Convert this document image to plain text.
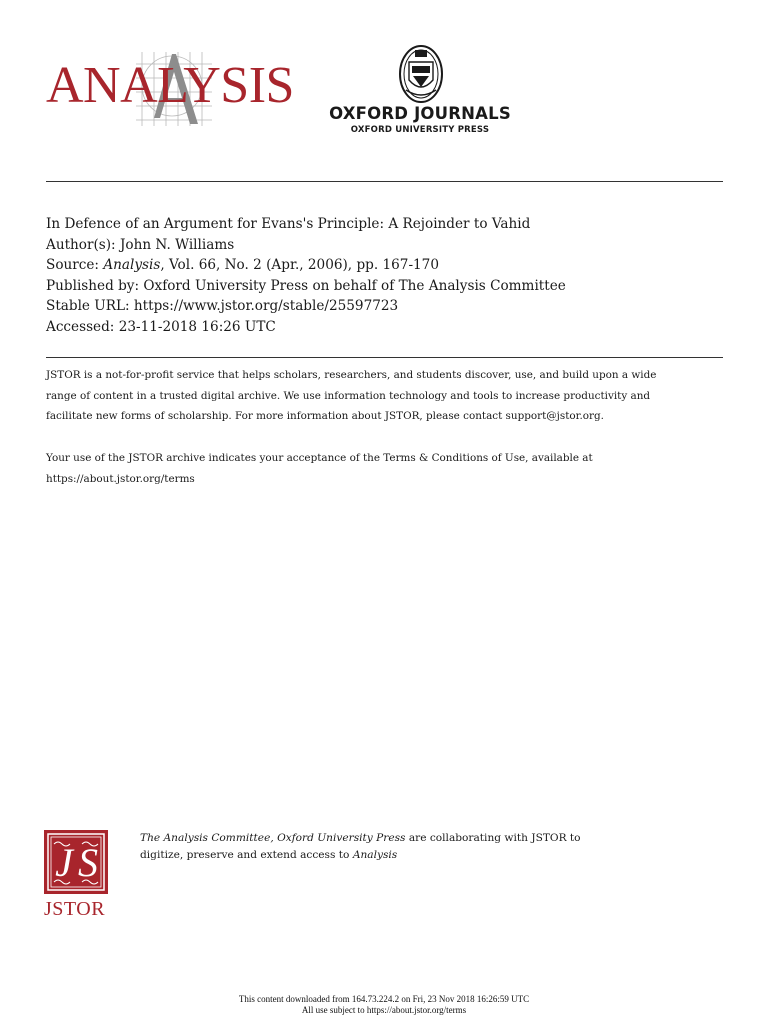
ANALYSIS	OXFORD JOURNALS
OXFORD UNIVERSITY PRESS
In Defence of an Argument for Evans's Principle: A Rejoinder to Vahid
Author(s): John N. Williams
Source: Analysis, Vol. 66, No. 2 (Apr., 2006), pp. 167-170
Published by: Oxford University Press on behalf of The Analysis Committee
Stable URL: https://www.jstor.org/stable/25597723
Accessed: 23-11-2018 16:26 UTC

JSTOR is a not-for-profit service that helps scholars, researchers, and students discover, use, and build upon a wide

range of content in a trusted digital archive. We use information technology and tools to increase productivity and

facilitate new forms of scholarship. For more information about JSTOR, please contact support@jstor.org.

Your use of the JSTOR archive indicates your acceptance of the Terms & Conditions of Use, available at

https://about.jstor.org/terms

J S
JSTOR
The Analysis Committee, Oxford University Press are collaborating with JSTOR to
digitize, preserve and extend access to Analysis
This content downloaded from 164.73.224.2 on Fri, 23 Nov 2018 16:26:59 UTC
All use subject to https://about.jstor.org/terms
